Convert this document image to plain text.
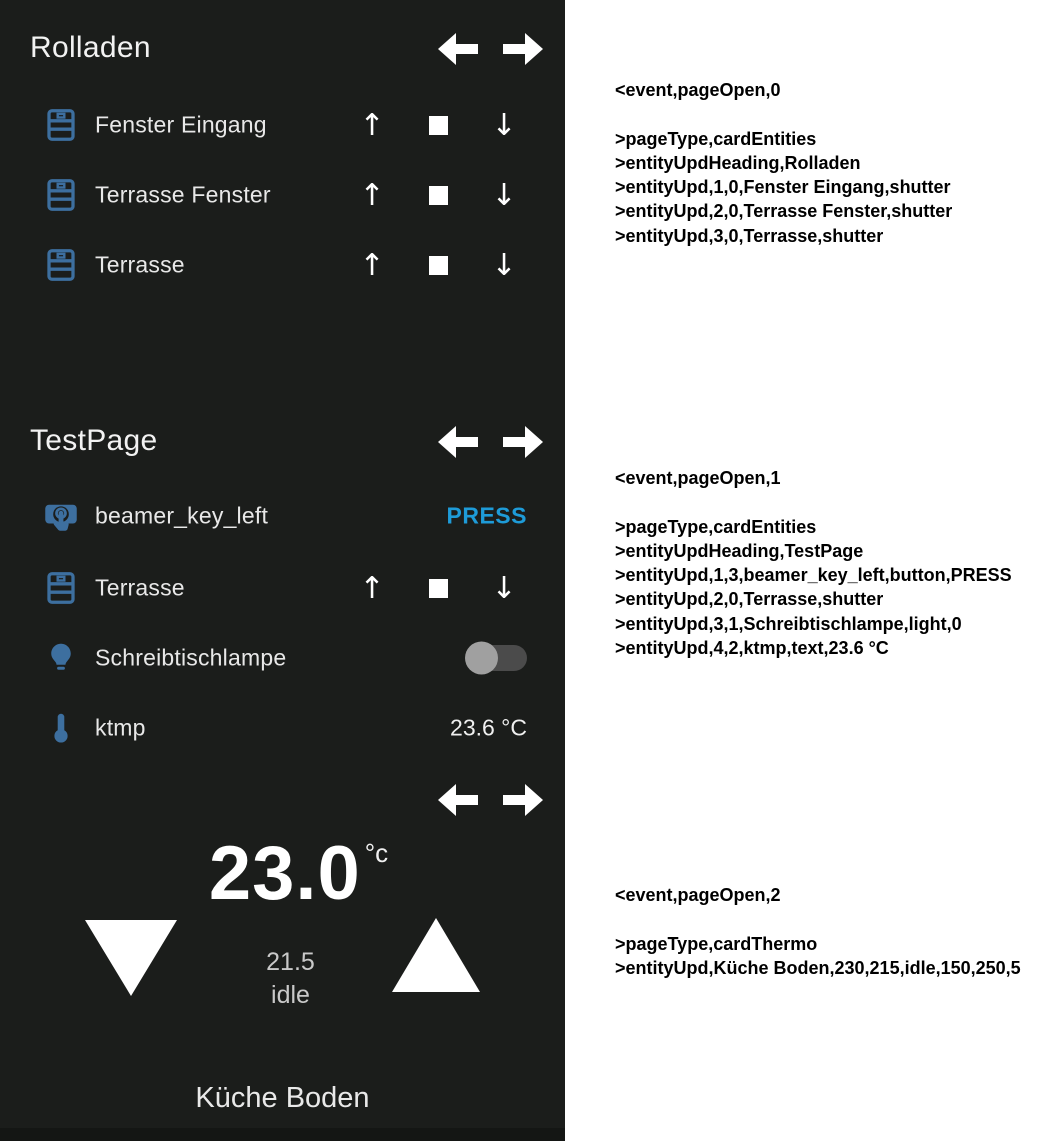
Rolladen
Fenster Eingang	↑	↓
Terrasse Fenster	↑	↓
Terrasse	↑	↓
TestPage
beamer_key_left	PRESS
Terrasse	↑	↓
Schreibtischlampe
ktmp	23.6 °C
23.0 °c
21.5
idle
Küche Boden
<event,pageOpen,0
>pageType,cardEntities
>entityUpdHeading,Rolladen
>entityUpd,1,0,Fenster Eingang,shutter
>entityUpd,2,0,Terrasse Fenster,shutter
>entityUpd,3,0,Terrasse,shutter
<event,pageOpen,1
>pageType,cardEntities
>entityUpdHeading,TestPage
>entityUpd,1,3,beamer_key_left,button,PRESS
>entityUpd,2,0,Terrasse,shutter
>entityUpd,3,1,Schreibtischlampe,light,0
>entityUpd,4,2,ktmp,text,23.6 °C
<event,pageOpen,2
>pageType,cardThermo
>entityUpd,Küche Boden,230,215,idle,150,250,5
